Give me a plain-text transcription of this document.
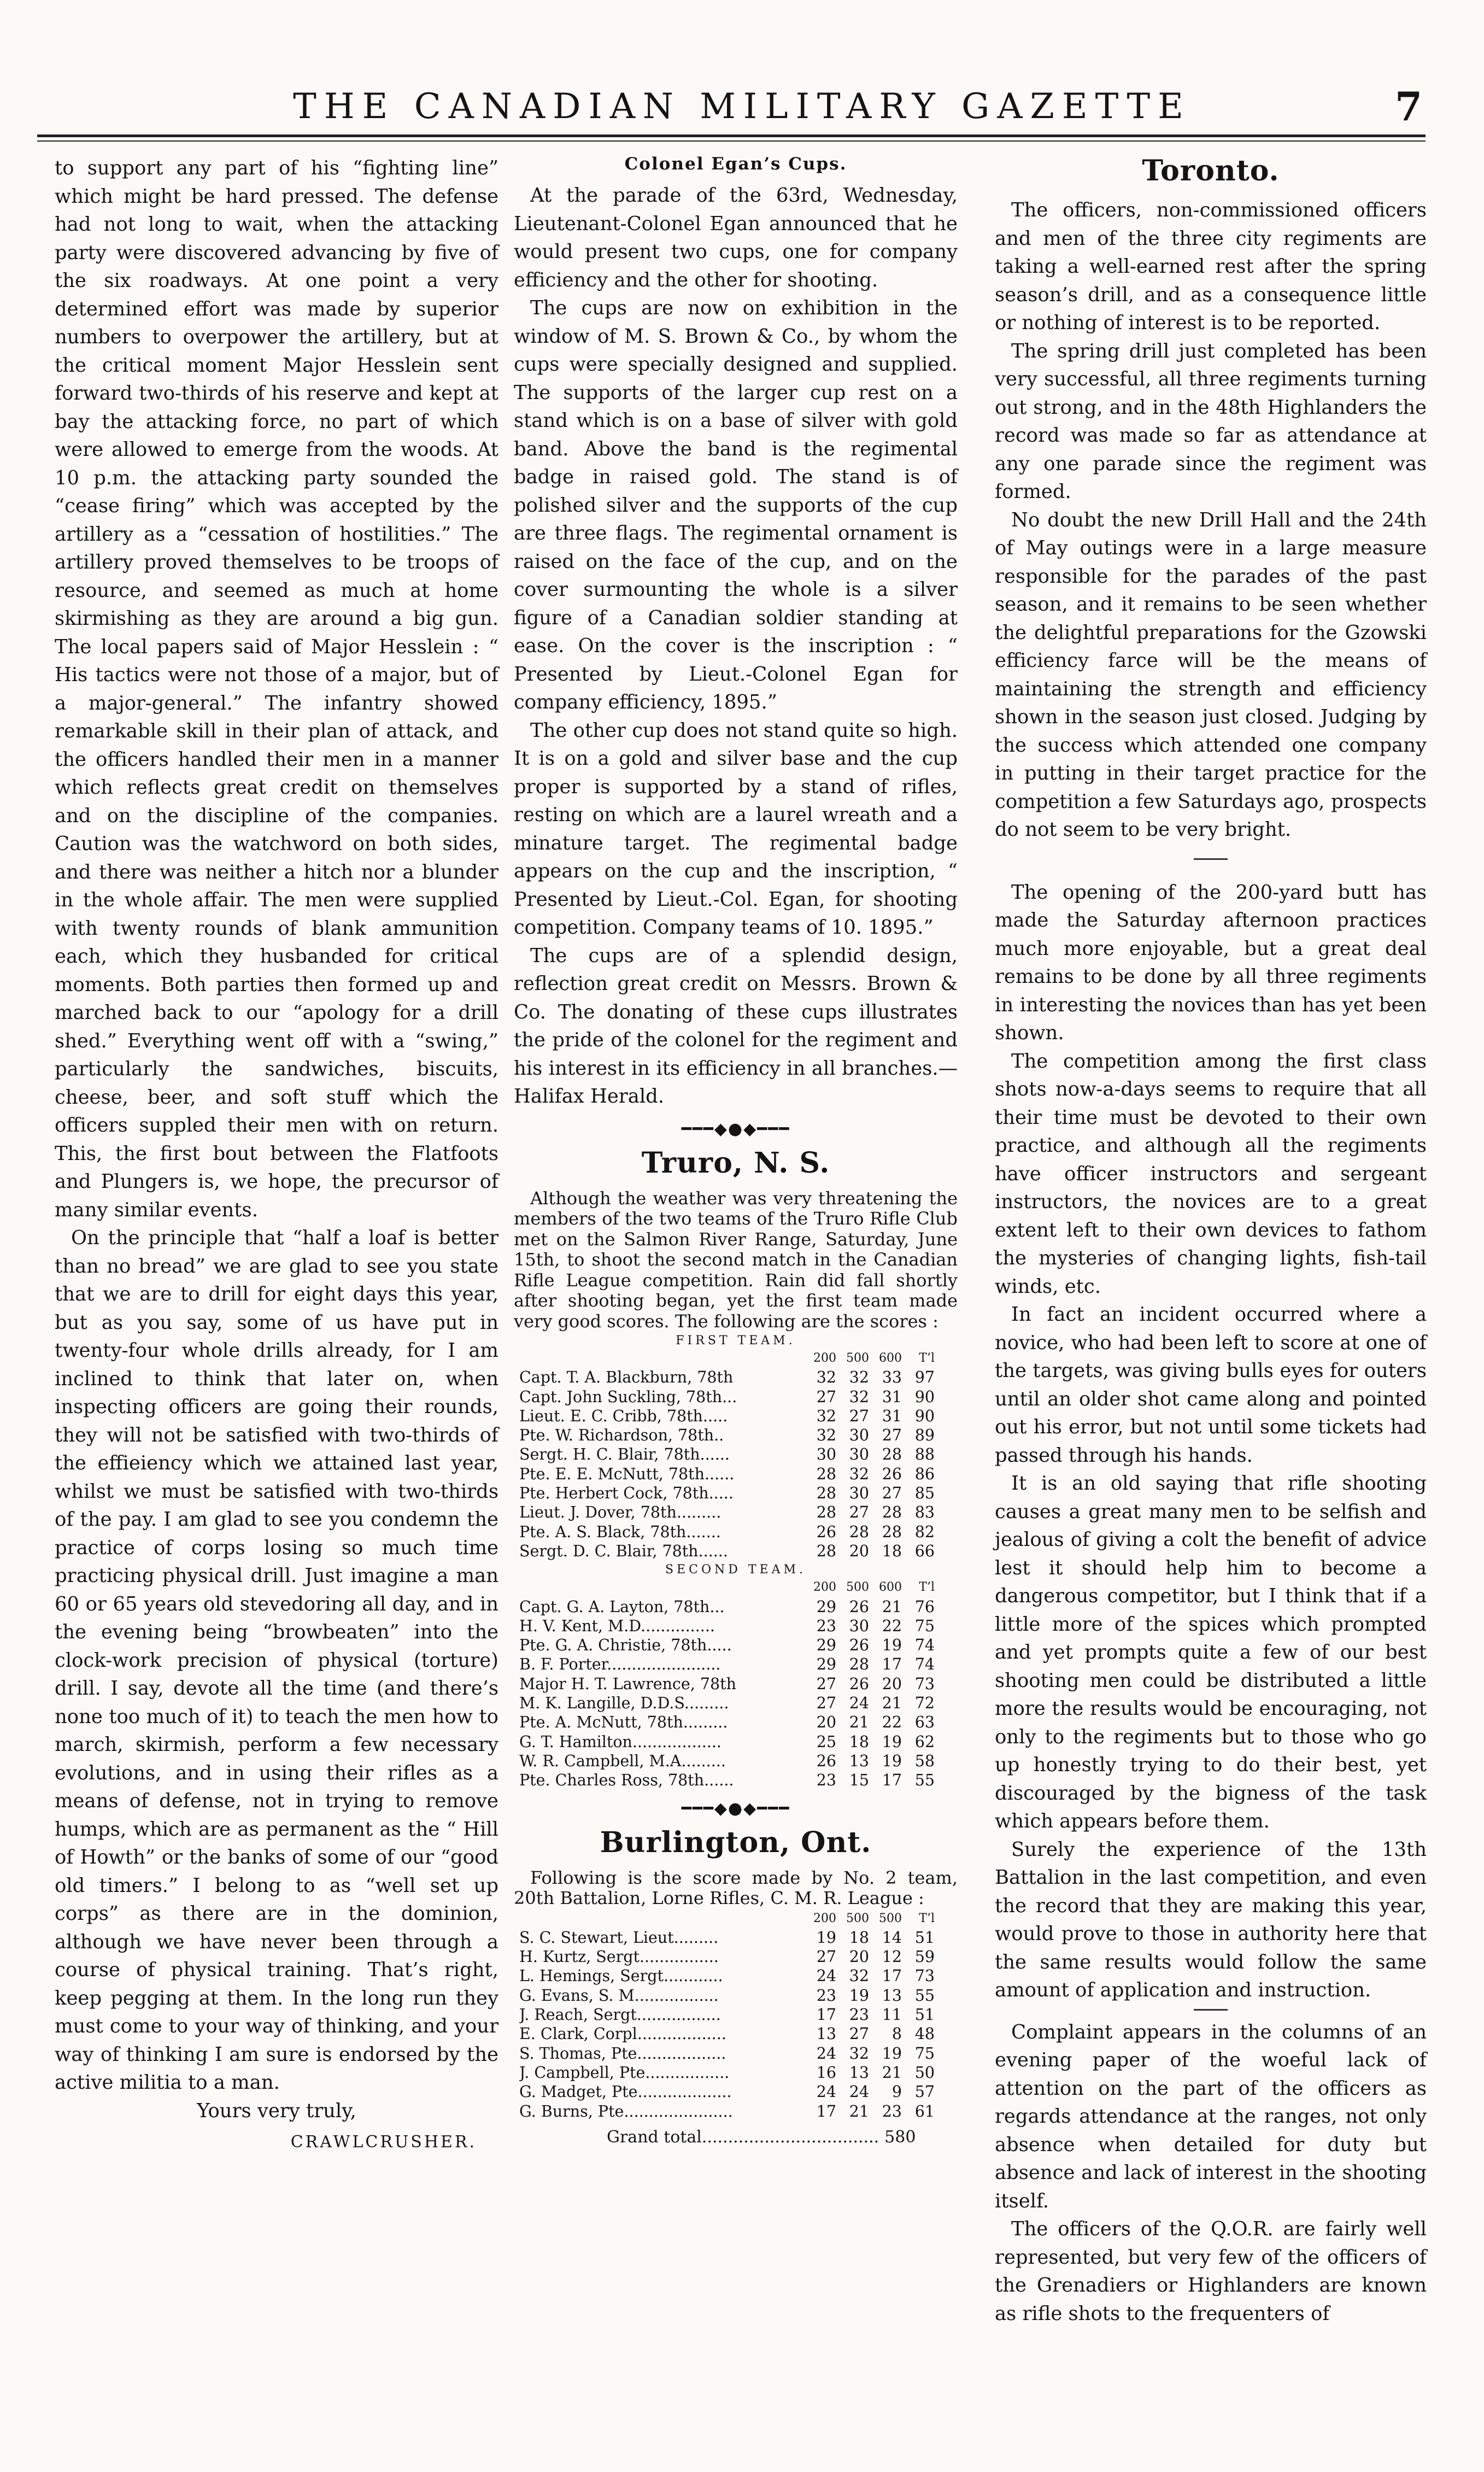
THE CANADIAN MILITARY GAZETTE	7

to support any part of his “fighting line” which might be hard pressed. The defense had not long to wait, when the attacking party were discovered advancing by five of the six roadways. At one point a very determined effort was made by superior numbers to overpower the artillery, but at the critical moment Major Hesslein sent forward two-thirds of his reserve and kept at bay the attacking force, no part of which were allowed to emerge from the woods. At 10 p.m. the attacking party sounded the “cease firing” which was accepted by the artillery as a “cessation of hostilities.” The artillery proved themselves to be troops of resource, and seemed as much at home skirmishing as they are around a big gun. The local papers said of Major Hesslein : “ His tactics were not those of a major, but of a major-general.” The infantry showed remarkable skill in their plan of attack, and the officers handled their men in a manner which reflects great credit on themselves and on the discipline of the companies. Caution was the watchword on both sides, and there was neither a hitch nor a blunder in the whole affair. The men were supplied with twenty rounds of blank ammunition each, which they husbanded for critical moments. Both parties then formed up and marched back to our “apology for a drill shed.” Everything went off with a “swing,” particularly the sandwiches, biscuits, cheese, beer, and soft stuff which the officers suppled their men with on return. This, the first bout between the Flatfoots and Plungers is, we hope, the precursor of many similar events.

On the principle that “half a loaf is better than no bread” we are glad to see you state that we are to drill for eight days this year, but as you say, some of us have put in twenty-four whole drills already, for I am inclined to think that later on, when inspecting officers are going their rounds, they will not be satisfied with two-thirds of the effieiency which we attained last year, whilst we must be satisfied with two-thirds of the pay. I am glad to see you condemn the practice of corps losing so much time practicing physical drill. Just imagine a man 60 or 65 years old stevedoring all day, and in the evening being “browbeaten” into the clock-work precision of physical (torture) drill. I say, devote all the time (and there’s none too much of it) to teach the men how to march, skirmish, perform a few necessary evolutions, and in using their rifles as a means of defense, not in trying to remove humps, which are as permanent as the “ Hill of Howth” or the banks of some of our “good old timers.” I belong to as “well set up corps” as there are in the dominion, although we have never been through a course of physical training. That’s right, keep pegging at them. In the long run they must come to your way of thinking, and your way of thinking I am sure is endorsed by the active militia to a man.

Yours very truly,

CRAWLCRUSHER.
Colonel Egan’s Cups.

At the parade of the 63rd, Wednesday, Lieutenant-Colonel Egan announced that he would present two cups, one for company efficiency and the other for shooting.

The cups are now on exhibition in the window of M. S. Brown & Co., by whom the cups were specially designed and supplied. The supports of the larger cup rest on a stand which is on a base of silver with gold band. Above the band is the regimental badge in raised gold. The stand is of polished silver and the supports of the cup are three flags. The regimental ornament is raised on the face of the cup, and on the cover surmounting the whole is a silver figure of a Canadian soldier standing at ease. On the cover is the inscription : “ Presented by Lieut.-Colonel Egan for company efficiency, 1895.”

The other cup does not stand quite so high. It is on a gold and silver base and the cup proper is supported by a stand of rifles, resting on which are a laurel wreath and a minature target. The regimental badge appears on the cup and the inscription, “ Presented by Lieut.-Col. Egan, for shooting competition. Company teams of 10. 1895.”

The cups are of a splendid design, reflection great credit on Messrs. Brown & Co. The donating of these cups illustrates the pride of the colonel for the regiment and his interest in its efficiency in all branches.—Halifax Herald.

━━━◆●◆━━━
Truro, N. S.

Although the weather was very threatening the members of the two teams of the Truro Rifle Club met on the Salmon River Range, Saturday, June 15th, to shoot the second match in the Canadian Rifle League competition. Rain did fall shortly after shooting began, yet the first team made very good scores. The following are the scores :

FIRST TEAM.
	200	500	600	T’l
Capt. T. A. Blackburn, 78th	32	32	33	97
Capt. John Suckling, 78th...	27	32	31	90
Lieut. E. C. Cribb, 78th.....	32	27	31	90
Pte. W. Richardson, 78th..	32	30	27	89
Sergt. H. C. Blair, 78th......	30	30	28	88
Pte. E. E. McNutt, 78th......	28	32	26	86
Pte. Herbert Cock, 78th.....	28	30	27	85
Lieut. J. Dover, 78th.........	28	27	28	83
Pte. A. S. Black, 78th.......	26	28	28	82
Sergt. D. C. Blair, 78th......	28	20	18	66
SECOND TEAM.
	200	500	600	T’l
Capt. G. A. Layton, 78th...	29	26	21	76
H. V. Kent, M.D...............	23	30	22	75
Pte. G. A. Christie, 78th.....	29	26	19	74
B. F. Porter.......................	29	28	17	74
Major H. T. Lawrence, 78th	27	26	20	73
M. K. Langille, D.D.S.........	27	24	21	72
Pte. A. McNutt, 78th.........	20	21	22	63
G. T. Hamilton..................	25	18	19	62
W. R. Campbell, M.A.........	26	13	19	58
Pte. Charles Ross, 78th......	23	15	17	55
━━━◆●◆━━━
Burlington, Ont.

Following is the score made by No. 2 team, 20th Battalion, Lorne Rifles, C. M. R. League :

	200	500	500	T’l
S. C. Stewart, Lieut.........	19	18	14	51
H. Kurtz, Sergt................	27	20	12	59
L. Hemings, Sergt............	24	32	17	73
G. Evans, S. M.................	23	19	13	55
J. Reach, Sergt.................	17	23	11	51
E. Clark, Corpl..................	13	27	8	48
S. Thomas, Pte..................	24	32	19	75
J. Campbell, Pte.................	16	13	21	50
G. Madget, Pte...................	24	24	9	57
G. Burns, Pte......................	17	21	23	61
Grand total.................................. 580
Toronto.

The officers, non-commissioned officers and men of the three city regiments are taking a well-earned rest after the spring season’s drill, and as a consequence little or nothing of interest is to be reported.

The spring drill just completed has been very successful, all three regiments turning out strong, and in the 48th Highlanders the record was made so far as attendance at any one parade since the regiment was formed.

No doubt the new Drill Hall and the 24th of May outings were in a large measure responsible for the parades of the past season, and it remains to be seen whether the delightful preparations for the Gzowski efficiency farce will be the means of maintaining the strength and efficiency shown in the season just closed. Judging by the success which attended one company in putting in their target practice for the competition a few Saturdays ago, prospects do not seem to be very bright.

The opening of the 200-yard butt has made the Saturday afternoon practices much more enjoyable, but a great deal remains to be done by all three regiments in interesting the novices than has yet been shown.

The competition among the first class shots now-a-days seems to require that all their time must be devoted to their own practice, and although all the regiments have officer instructors and sergeant instructors, the novices are to a great extent left to their own devices to fathom the mysteries of changing lights, fish-tail winds, etc.

In fact an incident occurred where a novice, who had been left to score at one of the targets, was giving bulls eyes for outers until an older shot came along and pointed out his error, but not until some tickets had passed through his hands.

It is an old saying that rifle shooting causes a great many men to be selfish and jealous of giving a colt the benefit of advice lest it should help him to become a dangerous competitor, but I think that if a little more of the spices which prompted and yet prompts quite a few of our best shooting men could be distributed a little more the results would be encouraging, not only to the regiments but to those who go up honestly trying to do their best, yet discouraged by the bigness of the task which appears before them.

Surely the experience of the 13th Battalion in the last competition, and even the record that they are making this year, would prove to those in authority here that the same results would follow the same amount of application and instruction.

Complaint appears in the columns of an evening paper of the woeful lack of attention on the part of the officers as regards attendance at the ranges, not only absence when detailed for duty but absence and lack of interest in the shooting itself.

The officers of the Q.O.R. are fairly well represented, but very few of the officers of the Grenadiers or Highlanders are known as rifle shots to the frequenters of
